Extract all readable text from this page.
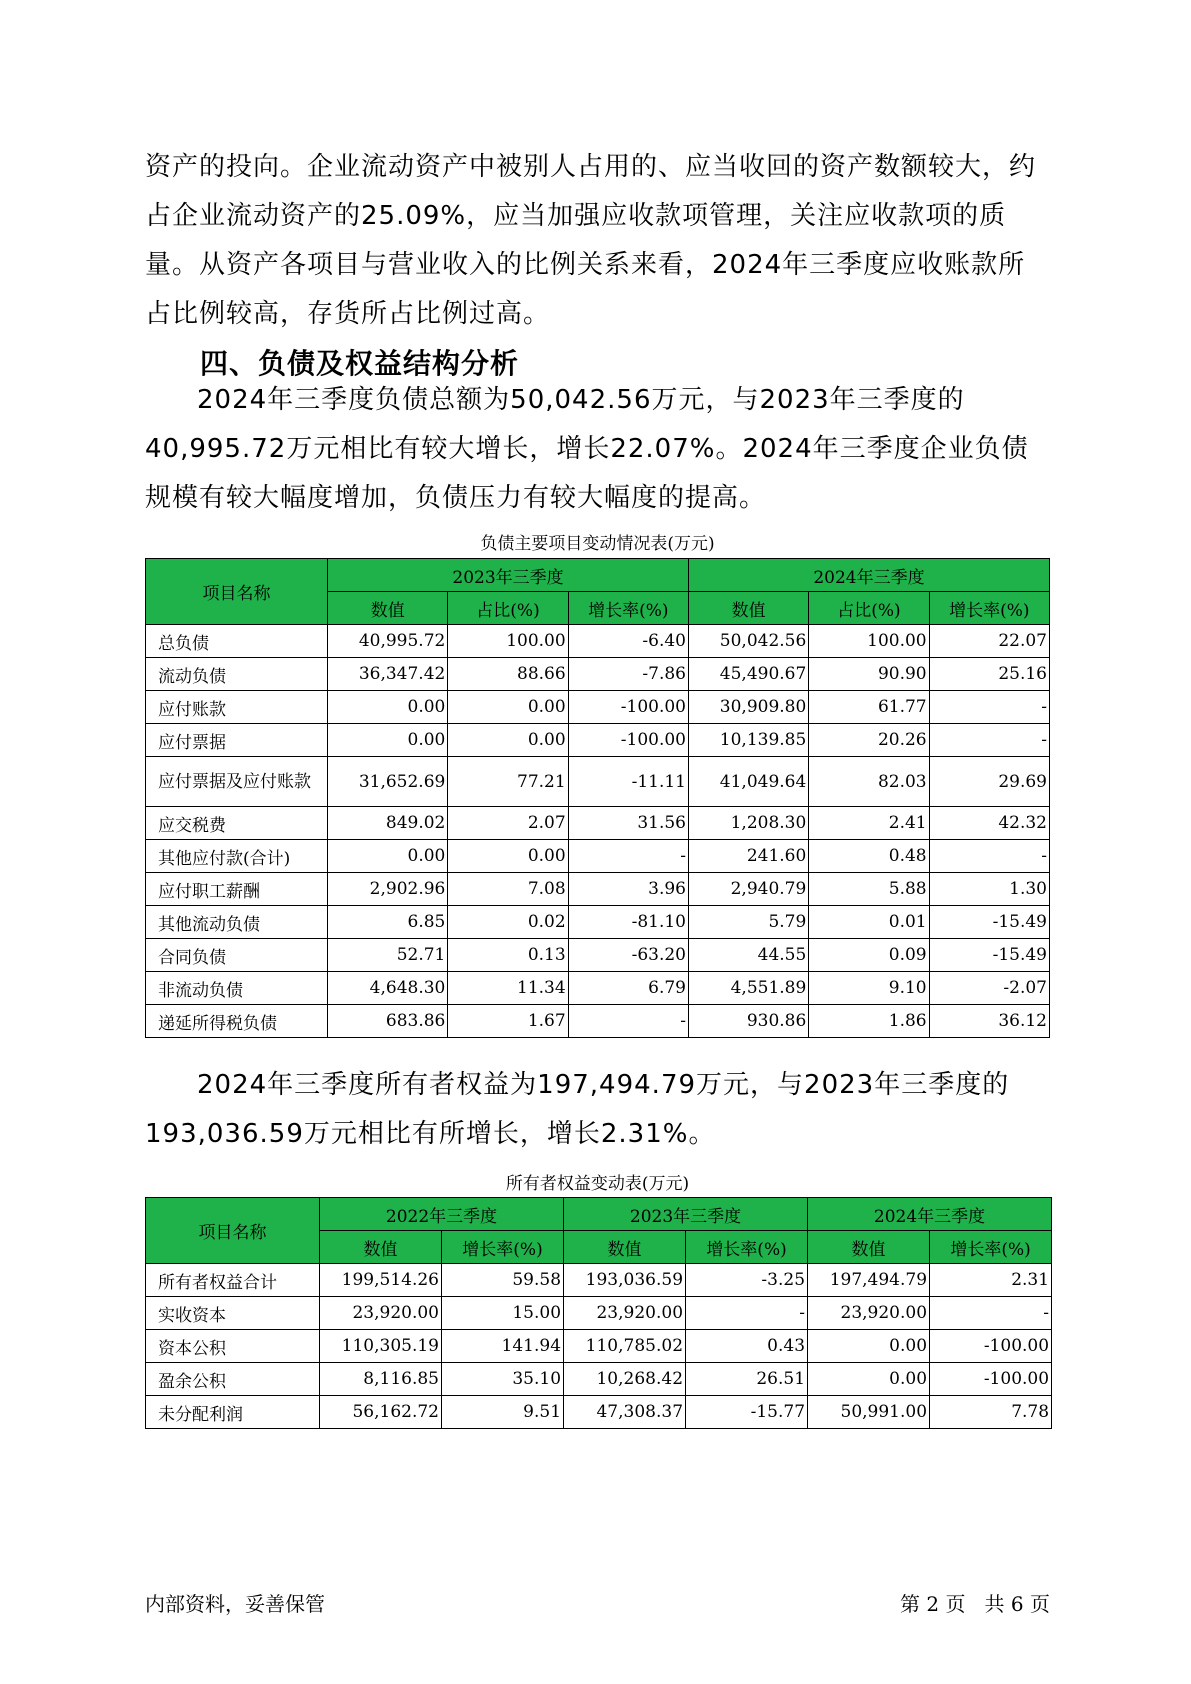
资产的投向。企业流动资产中被别人占用的、应当收回的资产数额较大，约占企业流动资产的25.09%，应当加强应收款项管理，关注应收款项的质量。从资产各项目与营业收入的比例关系来看，2024年三季度应收账款所占比例较高，存货所占比例过高。

四、负债及权益结构分析

2024年三季度负债总额为50,042.56万元，与2023年三季度的40,995.72万元相比有较大增长，增长22.07%。2024年三季度企业负债规模有较大幅度增加，负债压力有较大幅度的提高。

负债主要项目变动情况表(万元)
项目名称	2023年三季度			2024年三季度		
	数值	占比(%)	增长率(%)	数值	占比(%)	增长率(%)
总负债	40,995.72	100.00	-6.40	50,042.56	100.00	22.07
流动负债	36,347.42	88.66	-7.86	45,490.67	90.90	25.16
应付账款	0.00	0.00	-100.00	30,909.80	61.77	-
应付票据	0.00	0.00	-100.00	10,139.85	20.26	-
应付票据及应付账款	31,652.69	77.21	-11.11	41,049.64	82.03	29.69
应交税费	849.02	2.07	31.56	1,208.30	2.41	42.32
其他应付款(合计)	0.00	0.00	-	241.60	0.48	-
应付职工薪酬	2,902.96	7.08	3.96	2,940.79	5.88	1.30
其他流动负债	6.85	0.02	-81.10	5.79	0.01	-15.49
合同负债	52.71	0.13	-63.20	44.55	0.09	-15.49
非流动负债	4,648.30	11.34	6.79	4,551.89	9.10	-2.07
递延所得税负债	683.86	1.67	-	930.86	1.86	36.12

2024年三季度所有者权益为197,494.79万元，与2023年三季度的193,036.59万元相比有所增长，增长2.31%。

所有者权益变动表(万元)
项目名称	2022年三季度		2023年三季度		2024年三季度	
	数值	增长率(%)	数值	增长率(%)	数值	增长率(%)
所有者权益合计	199,514.26	59.58	193,036.59	-3.25	197,494.79	2.31
实收资本	23,920.00	15.00	23,920.00	-	23,920.00	-
资本公积	110,305.19	141.94	110,785.02	0.43	0.00	-100.00
盈余公积	8,116.85	35.10	10,268.42	26.51	0.00	-100.00
未分配利润	56,162.72	9.51	47,308.37	-15.77	50,991.00	7.78
内部资料，妥善保管	第 2 页   共 6 页
